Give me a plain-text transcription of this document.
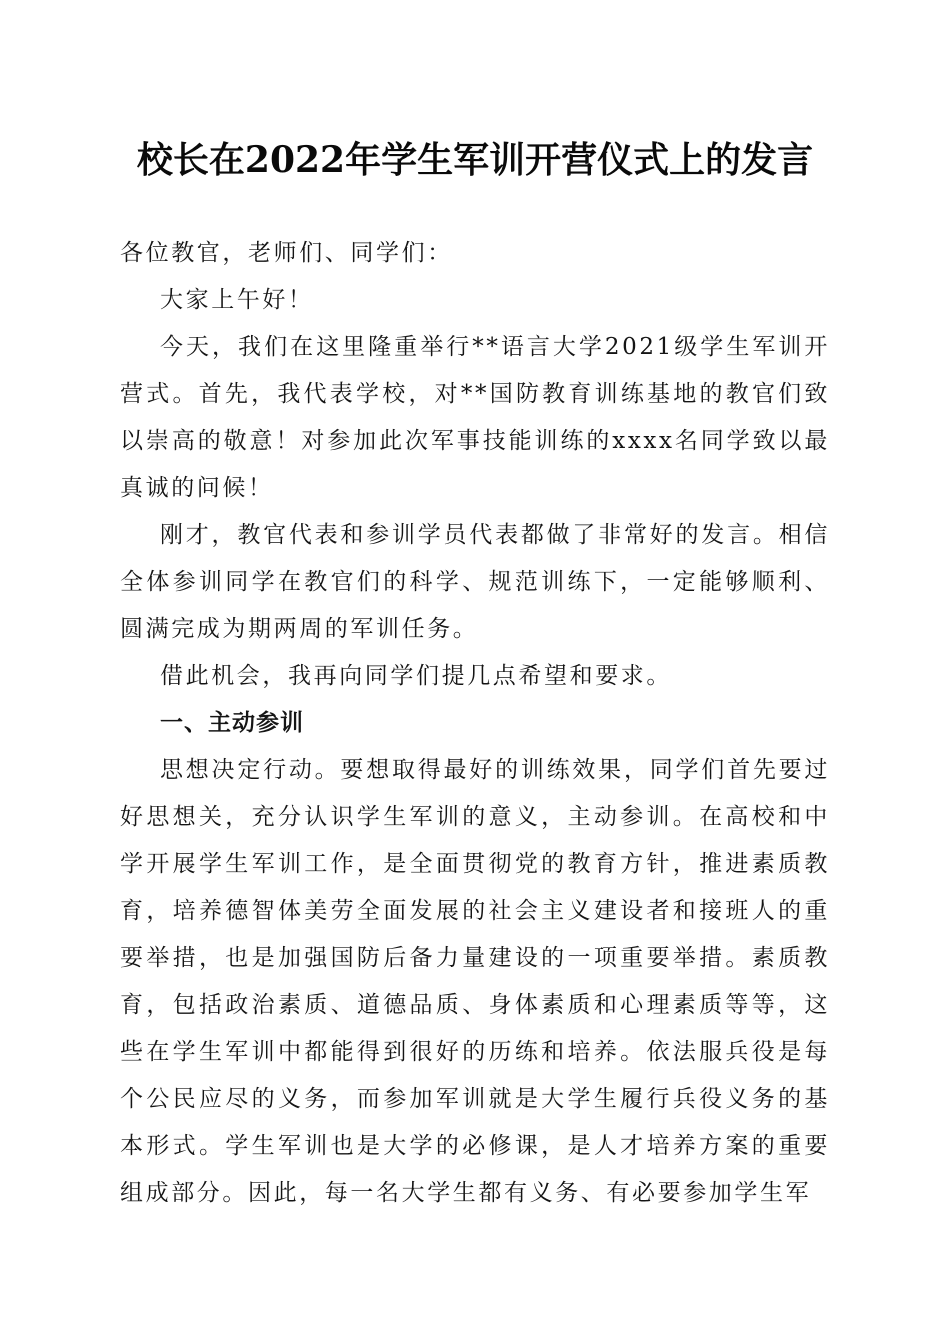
校长在2022年学生军训开营仪式上的发言

各位教官，老师们、同学们：

大家上午好！

今天，我们在这里隆重举行**语言大学2021级学生军训开营式。首先，我代表学校，对**国防教育训练基地的教官们致以崇高的敬意！对参加此次军事技能训练的xxxx名同学致以最真诚的问候！

刚才，教官代表和参训学员代表都做了非常好的发言。相信全体参训同学在教官们的科学、规范训练下，一定能够顺利、圆满完成为期两周的军训任务。

借此机会，我再向同学们提几点希望和要求。

一、主动参训

思想决定行动。要想取得最好的训练效果，同学们首先要过好思想关，充分认识学生军训的意义，主动参训。在高校和中学开展学生军训工作，是全面贯彻党的教育方针，推进素质教育，培养德智体美劳全面发展的社会主义建设者和接班人的重要举措，也是加强国防后备力量建设的一项重要举措。素质教育，包括政治素质、道德品质、身体素质和心理素质等等，这些在学生军训中都能得到很好的历练和培养。依法服兵役是每个公民应尽的义务，而参加军训就是大学生履行兵役义务的基本形式。学生军训也是大学的必修课，是人才培养方案的重要组成部分。因此，每一名大学生都有义务、有必要参加学生军
